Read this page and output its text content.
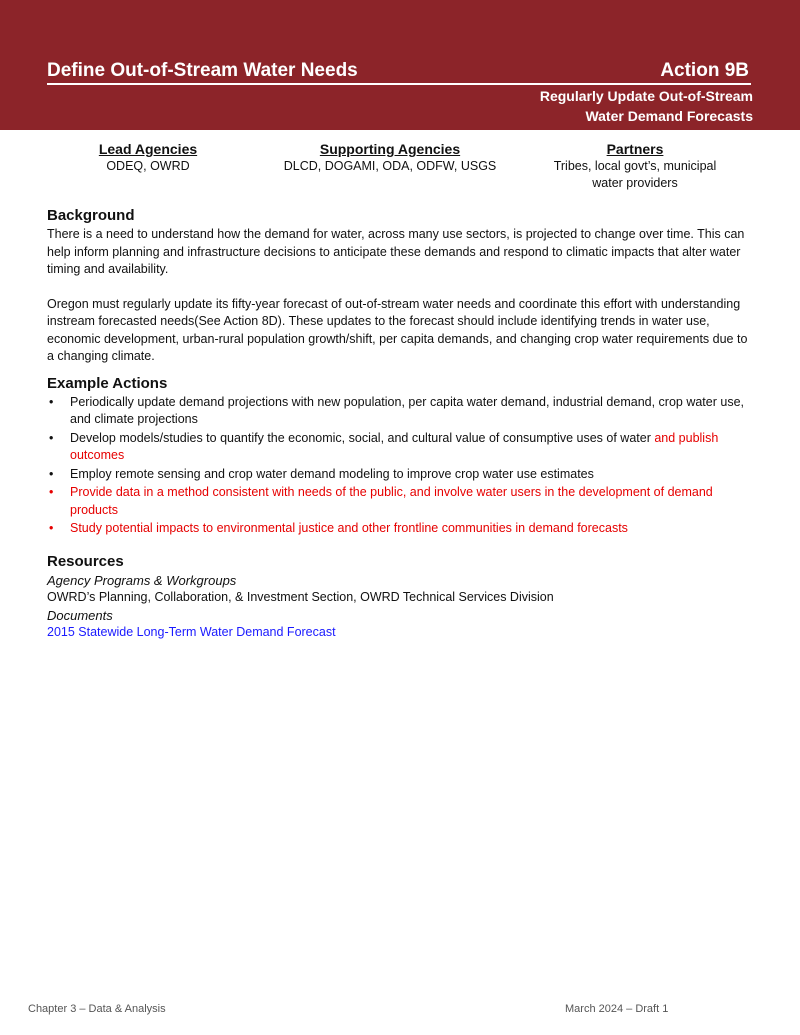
Define Out-of-Stream Water Needs	Action 9B
Regularly Update Out-of-Stream
Water Demand Forecasts
Lead Agencies
ODEQ, OWRD
Supporting Agencies
DLCD, DOGAMI, ODA, ODFW, USGS
Partners
Tribes, local govt’s, municipal
water providers
Background

There is a need to understand how the demand for water, across many use sectors, is projected to change over time. This can help inform planning and infrastructure decisions to anticipate these demands and respond to climatic impacts that alter water timing and availability.

Oregon must regularly update its fifty-year forecast of out-of-stream water needs and coordinate this effort with understanding instream forecasted needs(See Action 8D). These updates to the forecast should include identifying trends in water use, economic development, urban-rural population growth/shift, per capita demands, and changing crop water requirements due to a changing climate.

Example Actions
• Periodically update demand projections with new population, per capita water demand, industrial demand, crop water use, and climate projections
• Develop models/studies to quantify the economic, social, and cultural value of consumptive uses of water and publish outcomes
• Employ remote sensing and crop water demand modeling to improve crop water use estimates
• Provide data in a method consistent with needs of the public, and involve water users in the development of demand products
• Study potential impacts to environmental justice and other frontline communities in demand forecasts
Resources
Agency Programs & Workgroups
OWRD’s Planning, Collaboration, & Investment Section, OWRD Technical Services Division
Documents
2015 Statewide Long-Term Water Demand Forecast
Chapter 3 – Data & Analysis	March 2024 – Draft 1
